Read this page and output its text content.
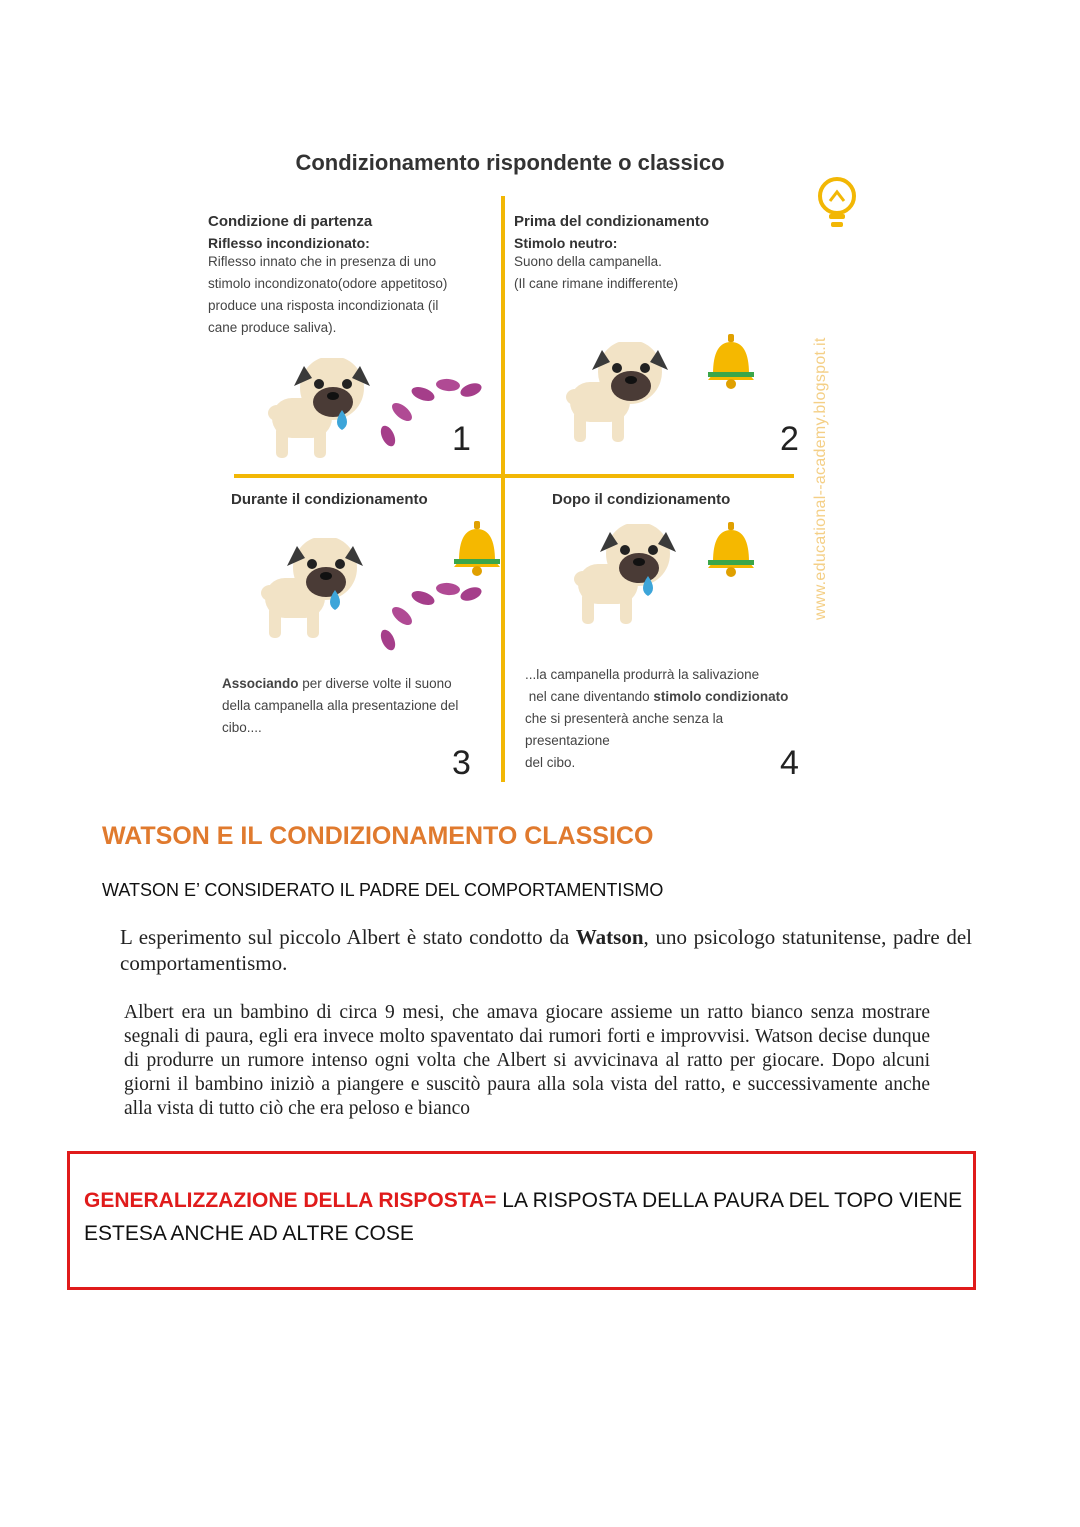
Condizionamento rispondente o classico
www.educational--academy.blogspot.it
Condizione di partenza
Riflesso incondizionato:
Riflesso innato che in presenza di uno
stimolo incondizonato(odore appetitoso)
produce una risposta incondizionata (il
cane produce saliva).
1
Prima del condizionamento
Stimolo neutro:
Suono della campanella.
(Il cane rimane indifferente)
2
Durante il condizionamento
Associando per diverse volte il suono
della campanella alla presentazione del
cibo....
3
Dopo il condizionamento
...la campanella produrrà la salivazione
nel cane diventando stimolo condizionato
che si presenterà anche senza la
presentazione
del cibo.	4
WATSON E IL CONDIZIONAMENTO CLASSICO
WATSON E’ CONSIDERATO IL PADRE DEL COMPORTAMENTISMO
L esperimento sul piccolo Albert è stato condotto da Watson, uno psicologo statunitense, padre del comportamentismo.
Albert era un bambino di circa 9 mesi, che amava giocare assieme un ratto bianco senza mostrare segnali di paura, egli era invece molto spaventato dai rumori forti e improvvisi. Watson decise dunque di produrre un rumore intenso ogni volta che Albert si avvicinava al ratto per giocare. Dopo alcuni giorni il bambino iniziò a piangere e suscitò paura alla sola vista del ratto, e successivamente anche alla vista di tutto ciò che era peloso e bianco
GENERALIZZAZIONE DELLA RISPOSTA= LA RISPOSTA DELLA PAURA DEL TOPO VIENE ESTESA ANCHE AD ALTRE COSE
